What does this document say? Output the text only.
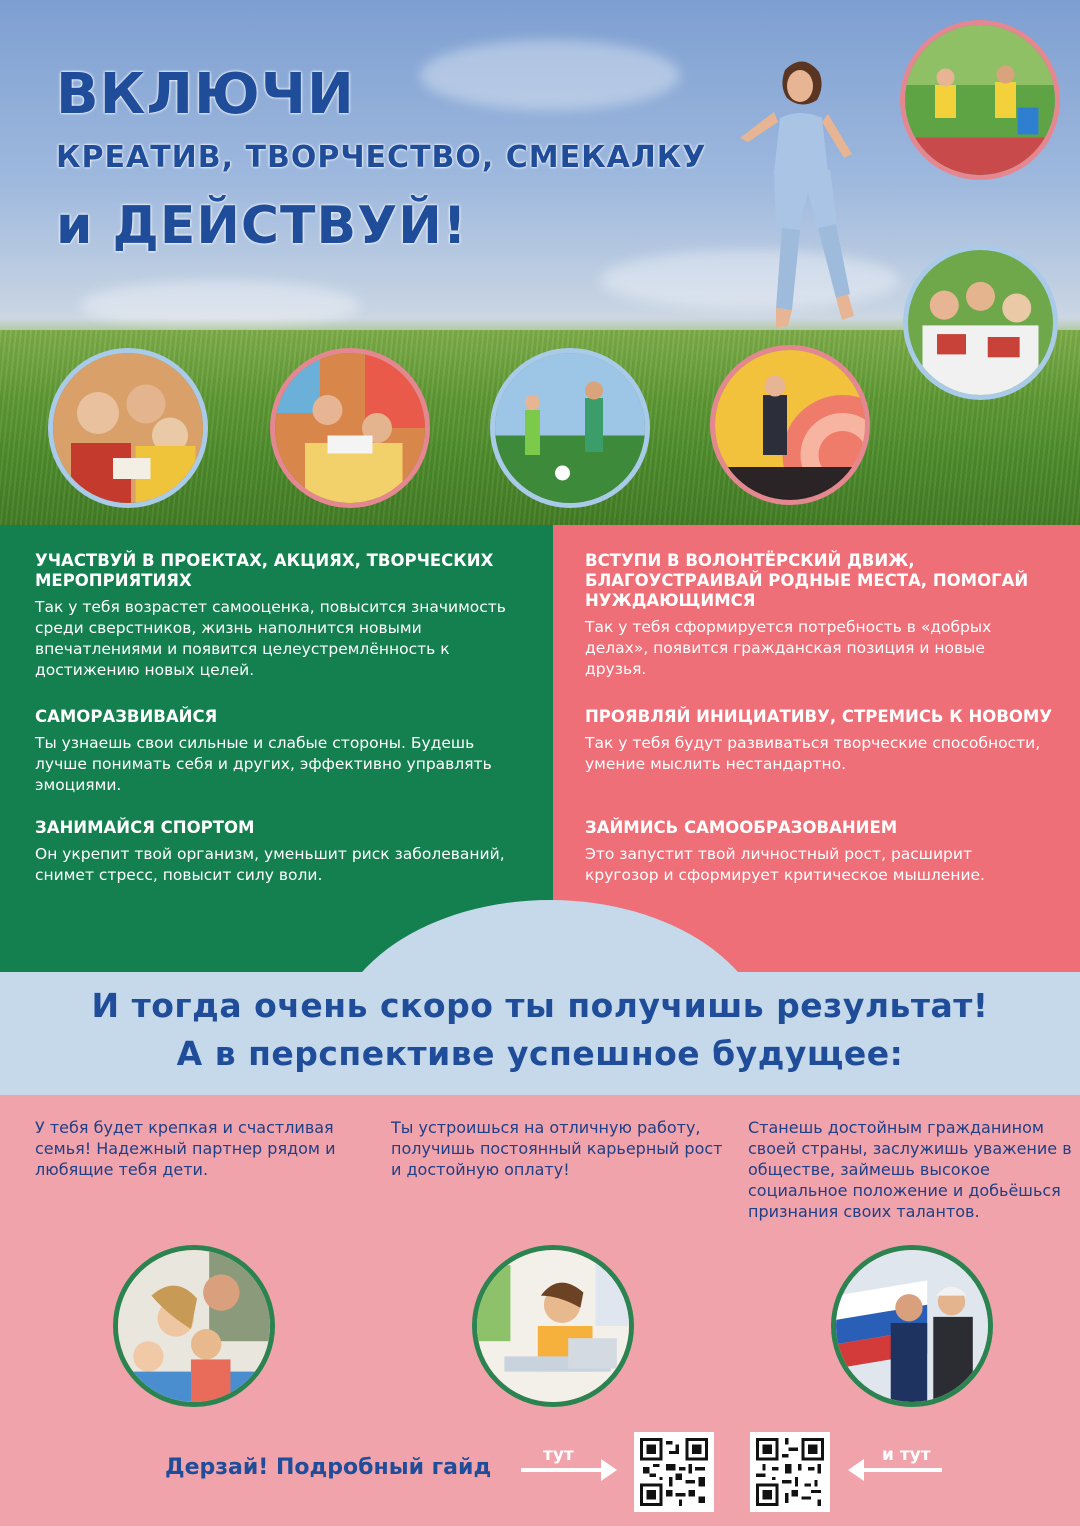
ВКЛЮЧИ
КРЕАТИВ, ТВОРЧЕСТВО, СМЕКАЛКУ
и ДЕЙСТВУЙ!
УЧАСТВУЙ В ПРОЕКТАХ, АКЦИЯХ, ТВОРЧЕСКИХ МЕРОПРИЯТИЯХ
Так у тебя возрастет самооценка, повысится значимость среди сверстников, жизнь наполнится новыми впечатлениями и появится целеустремлённость к достижению новых целей.
САМОРАЗВИВАЙСЯ
Ты узнаешь свои сильные и слабые стороны. Будешь лучше понимать себя и других, эффективно управлять эмоциями.
ЗАНИМАЙСЯ СПОРТОМ
Он укрепит твой организм, уменьшит риск заболеваний, снимет стресс, повысит силу воли.
ВСТУПИ В ВОЛОНТЁРСКИЙ ДВИЖ, БЛАГОУСТРАИВАЙ РОДНЫЕ МЕСТА, ПОМОГАЙ НУЖДАЮЩИМСЯ
Так у тебя сформируется потребность в «добрых делах», появится гражданская позиция и новые друзья.
ПРОЯВЛЯЙ ИНИЦИАТИВУ, СТРЕМИСЬ К НОВОМУ
Так у тебя будут развиваться творческие способности, умение мыслить нестандартно.
ЗАЙМИСЬ САМООБРАЗОВАНИЕМ
Это запустит твой личностный рост, расширит кругозор и сформирует критическое мышление.
И тогда очень скоро ты получишь результат!
А в перспективе успешное будущее:
У тебя будет крепкая и счастливая семья! Надежный партнер рядом и любящие тебя дети.
Ты устроишься на отличную работу, получишь постоянный карьерный рост и достойную оплату!
Станешь достойным гражданином своей страны, заслужишь уважение в обществе, займешь высокое социальное положение и добьёшься признания своих талантов.
Дерзай! Подробный гайд	тут	и тут
